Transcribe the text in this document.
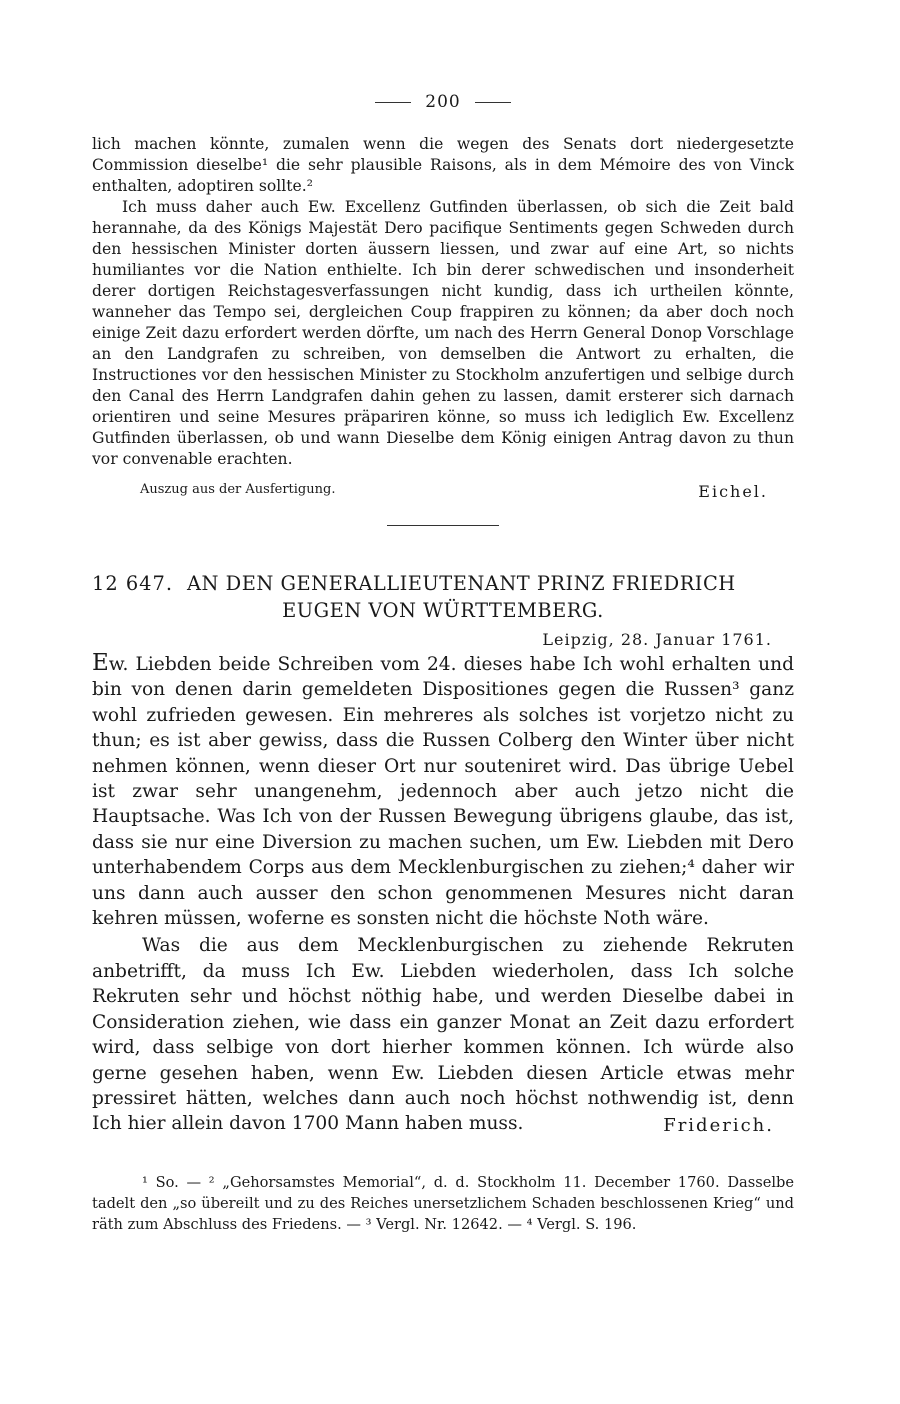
200

lich machen könnte, zumalen wenn die wegen des Senats dort niedergesetzte Commission dieselbe¹ die sehr plausible Raisons, als in dem Mémoire des von Vinck enthalten, adoptiren sollte.²

Ich muss daher auch Ew. Excellenz Gutfinden überlassen, ob sich die Zeit bald herannahe, da des Königs Majestät Dero pacifique Sentiments gegen Schweden durch den hessischen Minister dorten äussern liessen, und zwar auf eine Art, so nichts humiliantes vor die Nation enthielte. Ich bin derer schwedischen und insonderheit derer dortigen Reichstagesverfassungen nicht kundig, dass ich urtheilen könnte, wanneher das Tempo sei, dergleichen Coup frappiren zu können; da aber doch noch einige Zeit dazu erfordert werden dörfte, um nach des Herrn General Donop Vorschlage an den Landgrafen zu schreiben, von demselben die Antwort zu erhalten, die Instructiones vor den hessischen Minister zu Stockholm anzufertigen und selbige durch den Canal des Herrn Landgrafen dahin gehen zu lassen, damit ersterer sich darnach orientiren und seine Mesures präpariren könne, so muss ich lediglich Ew. Excellenz Gutfinden überlassen, ob und wann Dieselbe dem König einigen Antrag davon zu thun vor convenable erachten.

Auszug aus der Ausfertigung.	Eichel.
12 647. AN DEN GENERALLIEUTENANT PRINZ FRIEDRICH
EUGEN VON WÜRTTEMBERG.
Leipzig, 28. Januar 1761.

Ew. Liebden beide Schreiben vom 24. dieses habe Ich wohl erhalten und bin von denen darin gemeldeten Dispositiones gegen die Russen³ ganz wohl zufrieden gewesen. Ein mehreres als solches ist vorjetzo nicht zu thun; es ist aber gewiss, dass die Russen Colberg den Winter über nicht nehmen können, wenn dieser Ort nur souteniret wird. Das übrige Uebel ist zwar sehr unangenehm, jedennoch aber auch jetzo nicht die Hauptsache. Was Ich von der Russen Bewegung übrigens glaube, das ist, dass sie nur eine Diversion zu machen suchen, um Ew. Liebden mit Dero unterhabendem Corps aus dem Mecklenburgischen zu ziehen;⁴ daher wir uns dann auch ausser den schon genommenen Mesures nicht daran kehren müssen, woferne es sonsten nicht die höchste Noth wäre.

Was die aus dem Mecklenburgischen zu ziehende Rekruten anbetrifft, da muss Ich Ew. Liebden wiederholen, dass Ich solche Rekruten sehr und höchst nöthig habe, und werden Dieselbe dabei in Consideration ziehen, wie dass ein ganzer Monat an Zeit dazu erfordert wird, dass selbige von dort hierher kommen können. Ich würde also gerne gesehen haben, wenn Ew. Liebden diesen Article etwas mehr pressiret hätten, welches dann auch noch höchst nothwendig ist, denn Ich hier allein davon 1700 Mann haben muss.	Friderich.

¹ So. — ² „Gehorsamstes Memorial“, d. d. Stockholm 11. December 1760. Dasselbe tadelt den „so übereilt und zu des Reiches unersetzlichem Schaden beschlossenen Krieg“ und räth zum Abschluss des Friedens. — ³ Vergl. Nr. 12642. — ⁴ Vergl. S. 196.
